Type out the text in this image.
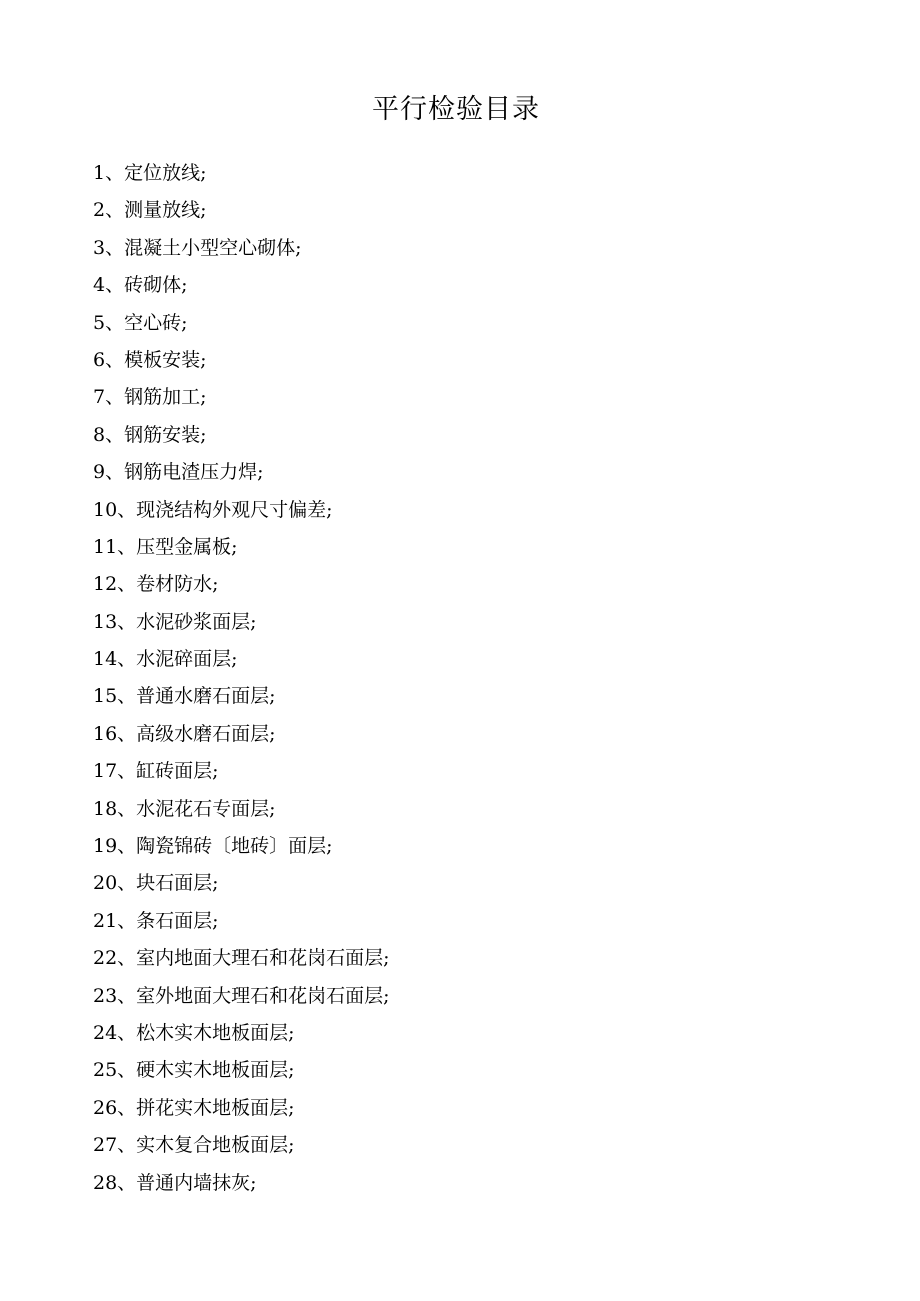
平行检验目录
1、定位放线;
2、测量放线;
3、混凝土小型空心砌体;
4、砖砌体;
5、空心砖;
6、模板安装;
7、钢筋加工;
8、钢筋安装;
9、钢筋电渣压力焊;
10、现浇结构外观尺寸偏差;
11、压型金属板;
12、卷材防水;
13、水泥砂浆面层;
14、水泥碎面层;
15、普通水磨石面层;
16、高级水磨石面层;
17、缸砖面层;
18、水泥花石专面层;
19、陶瓷锦砖〔地砖〕面层;
20、块石面层;
21、条石面层;
22、室内地面大理石和花岗石面层;
23、室外地面大理石和花岗石面层;
24、松木实木地板面层;
25、硬木实木地板面层;
26、拼花实木地板面层;
27、实木复合地板面层;
28、普通内墙抹灰;
